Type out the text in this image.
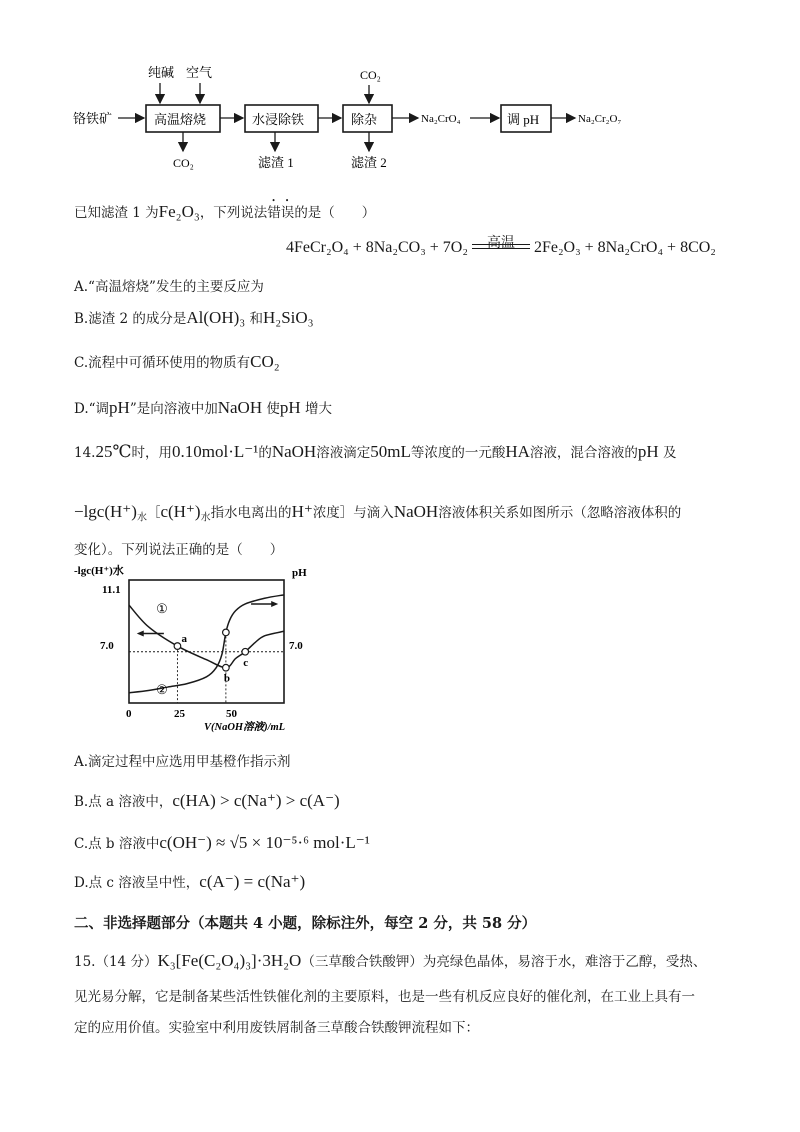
纯碱 空气	CO₂
铬铁矿	高温熔烧	水浸除铁	除杂	调 pH
Na₂CrO₄	Na₂Cr₂O₇
CO₂	滤渣 1	滤渣 2
已知滤渣 1 为Fe₂O₃，下列说法错误的是（　　）
4FeCr₂O₄ + 8Na₂CO₃ + 7O₂	高温	2Fe₂O₃ + 8Na₂CrO₄ + 8CO₂
A.“高温熔烧”发生的主要反应为
B.滤渣 2 的成分是Al(OH)₃ 和H₂SiO₃
C.流程中可循环使用的物质有CO₂
D.“调pH”是向溶液中加NaOH 使pH 增大
14.25℃时，用0.10mol·L⁻¹的NaOH溶液滴定50mL等浓度的一元酸HA溶液，混合溶液的pH 及
$-\lg c(H^+)_水[c(H^+)_水$指水电离出的H⁺浓度］与滴入NaOH溶液体积关系如图所示（忽略溶液体积的
变化）。下列说法正确的是（　　）
-lgc(H⁺)水	pH
11.1
7.0	7.0
0	25	50
V(NaOH溶液)/mL
①
②
a
b
c
A.滴定过程中应选用甲基橙作指示剂
B.点 a 溶液中，c(HA) > c(Na⁺) > c(A⁻)
C.点 b 溶液中c(OH⁻) ≈ √5 × 10⁻⁵·⁶ mol·L⁻¹
D.点 c 溶液呈中性，c(A⁻) = c(Na⁺)
二、非选择题部分（本题共 4 小题，除标注外，每空 2 分，共 58 分）
15.（14 分）K₃[Fe(C₂O₄)₃]·3H₂O（三草酸合铁酸钾）为亮绿色晶体，易溶于水，难溶于乙醇，受热、
见光易分解，它是制备某些活性铁催化剂的主要原料，也是一些有机反应良好的催化剂，在工业上具有一
定的应用价值。实验室中利用废铁屑制备三草酸合铁酸钾流程如下：
